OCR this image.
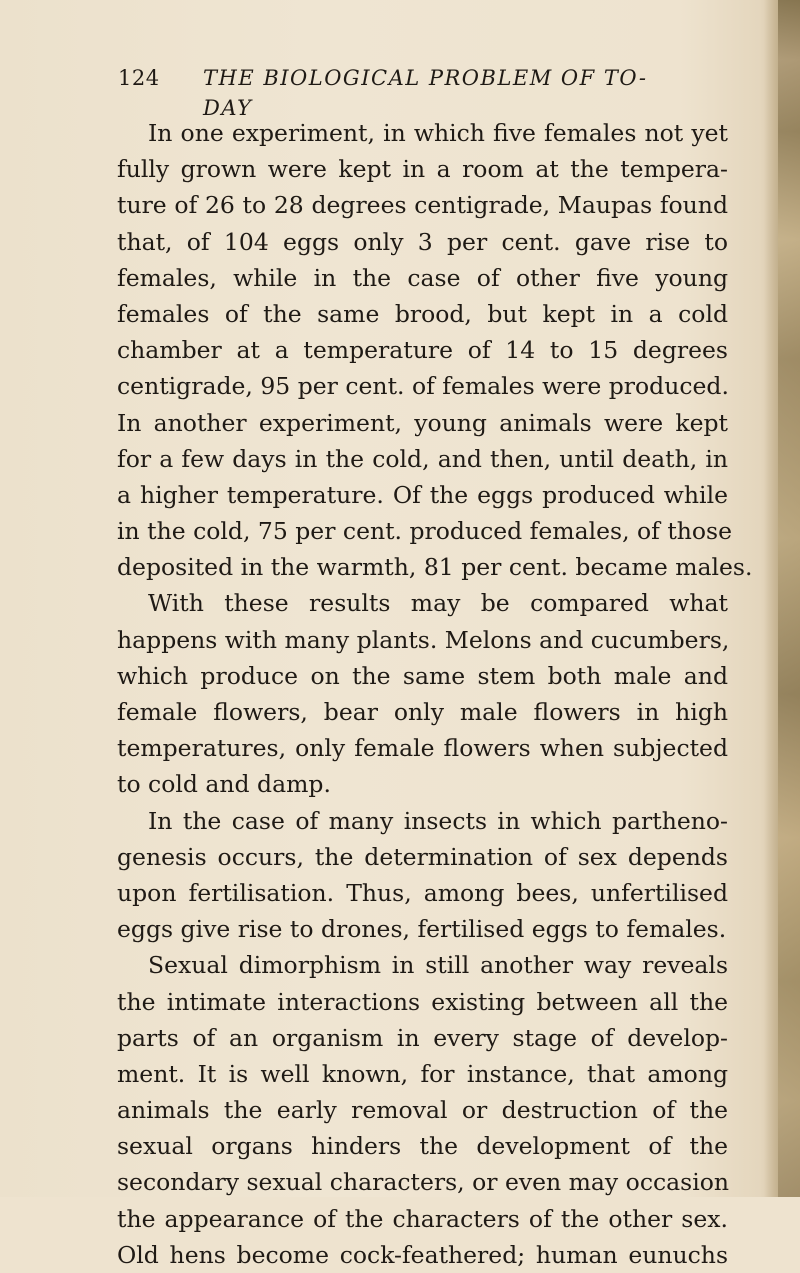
124 THE BIOLOGICAL PROBLEM OF TO-DAY
In one experiment, in which five females not yet
fully grown were kept in a room at the tempera-
ture of 26 to 28 degrees centigrade, Maupas found
that, of 104 eggs only 3 per cent. gave rise to
females, while in the case of other five young
females of the same brood, but kept in a cold
chamber at a temperature of 14 to 15 degrees
centigrade, 95 per cent. of females were produced.
In another experiment, young animals were kept
for a few days in the cold, and then, until death, in
a higher temperature. Of the eggs produced while
in the cold, 75 per cent. produced females, of those
deposited in the warmth, 81 per cent. became males.
With these results may be compared what
happens with many plants. Melons and cucumbers,
which produce on the same stem both male and
female flowers, bear only male flowers in high
temperatures, only female flowers when subjected
to cold and damp.
In the case of many insects in which partheno-
genesis occurs, the determination of sex depends
upon fertilisation. Thus, among bees, unfertilised
eggs give rise to drones, fertilised eggs to females.
Sexual dimorphism in still another way reveals
the intimate interactions existing between all the
parts of an organism in every stage of develop-
ment. It is well known, for instance, that among
animals the early removal or destruction of the
sexual organs hinders the development of the
secondary sexual characters, or even may occasion
the appearance of the characters of the other sex.
Old hens become cock-feathered; human eunuchs
